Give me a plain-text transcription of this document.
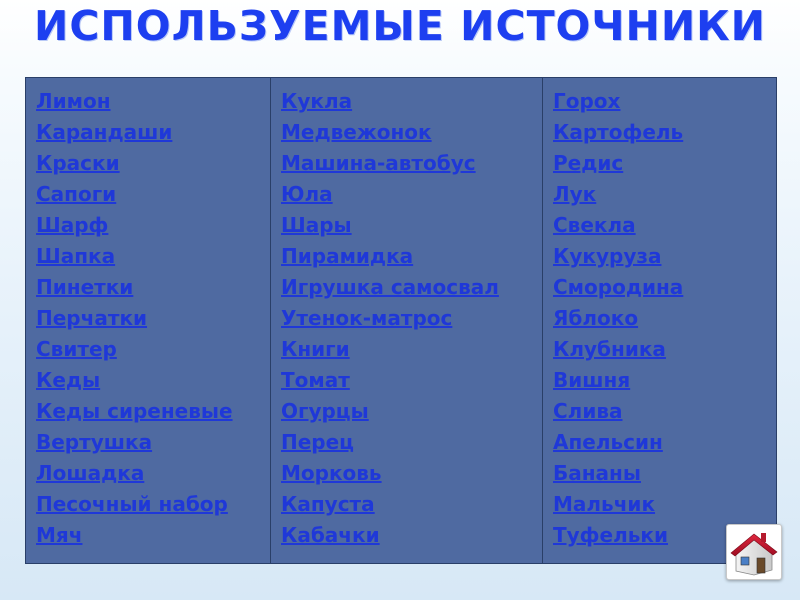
ИСПОЛЬЗУЕМЫЕ ИСТОЧНИКИ
Лимон
Карандаши
Краски
Сапоги
Шарф
Шапка
Пинетки
Перчатки
Свитер
Кеды
Кеды сиреневые
Вертушка
Лошадка
Песочный набор
Мяч
Кукла
Медвежонок
Машина-автобус
Юла
Шары
Пирамидка
Игрушка самосвал
Утенок-матрос
Книги
Томат
Огурцы
Перец
Морковь
Капуста
Кабачки
Горох
Картофель
Редис
Лук
Свекла
Кукуруза
Смородина
Яблоко
Клубника
Вишня
Слива
Апельсин
Бананы
Мальчик
Туфельки
